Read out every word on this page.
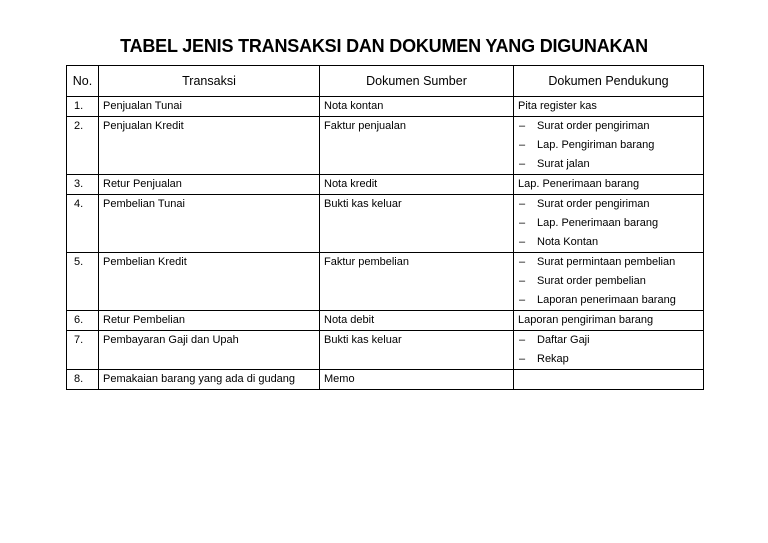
TABEL JENIS TRANSAKSI DAN DOKUMEN YANG DIGUNAKAN
No.	Transaksi	Dokumen Sumber	Dokumen Pendukung
1.	Penjualan Tunai	Nota kontan	Pita register kas
2.	Penjualan Kredit	Faktur penjualan	– Surat order pengiriman
– Lap. Pengiriman barang
– Surat jalan

3.	Retur Penjualan	Nota kredit	Lap. Penerimaan barang
4.	Pembelian Tunai	Bukti kas keluar	– Surat order pengiriman
– Lap. Penerimaan barang
– Nota Kontan

5.	Pembelian Kredit	Faktur pembelian	– Surat permintaan pembelian
– Surat order pembelian
– Laporan penerimaan barang

6.	Retur Pembelian	Nota debit	Laporan pengiriman barang
7.	Pembayaran Gaji dan Upah	Bukti kas keluar	– Daftar Gaji
– Rekap

8.	Pemakaian barang yang ada di gudang	Memo	
